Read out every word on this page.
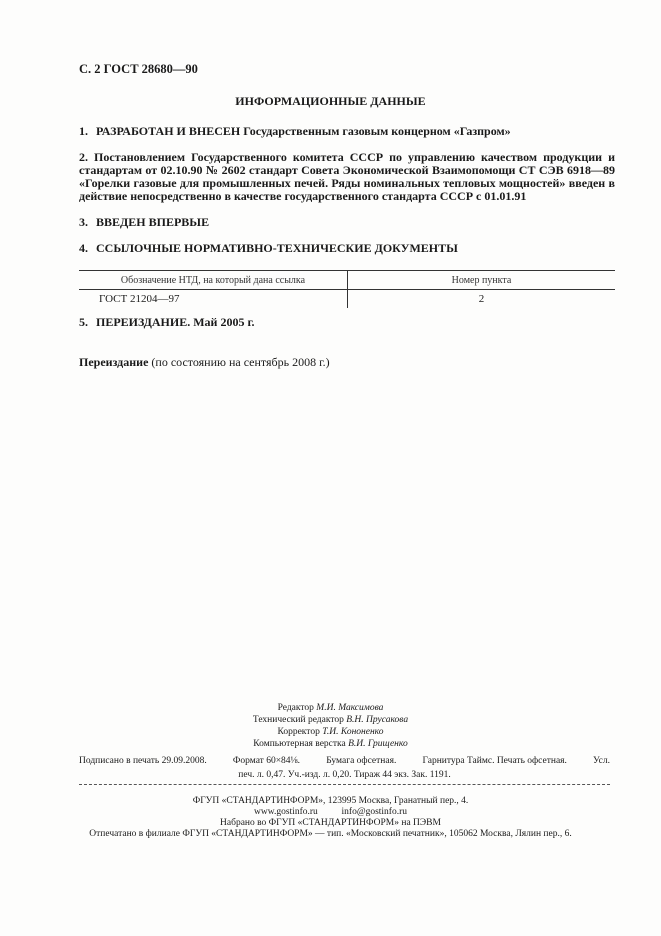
С. 2 ГОСТ 28680—90
ИНФОРМАЦИОННЫЕ ДАННЫЕ
1. РАЗРАБОТАН И ВНЕСЕН Государственным газовым концерном «Газпром»
2. Постановлением Государственного комитета СССР по управлению качеством продукции и стандартам от 02.10.90 № 2602 стандарт Совета Экономической Взаимопомощи СТ СЭВ 6918—89 «Горелки газовые для промышленных печей. Ряды номинальных тепловых мощностей» введен в действие непосредственно в качестве государственного стандарта СССР с 01.01.91
3. ВВЕДЕН ВПЕРВЫЕ
4. ССЫЛОЧНЫЕ НОРМАТИВНО-ТЕХНИЧЕСКИЕ ДОКУМЕНТЫ
Обозначение НТД, на который дана ссылка	Номер пункта
ГОСТ 21204—97	2
5. ПЕРЕИЗДАНИЕ. Май 2005 г.
Переиздание (по состоянию на сентябрь 2008 г.)
Редактор М.И. Максимова
Технический редактор В.Н. Прусакова
Корректор Т.И. Кононенко
Компьютерная верстка В.И. Грищенко
Подписано в печать 29.09.2008.	Формат 60×84⅛.	Бумага офсетная.	Гарнитура Таймс. Печать офсетная.	Усл.
печ. л. 0,47. Уч.-изд. л. 0,20. Тираж 44 экз. Зак. 1191.
ФГУП «СТАНДАРТИНФОРМ», 123995 Москва, Гранатный пер., 4.
www.gostinfo.ru          info@gostinfo.ru
Набрано во ФГУП «СТАНДАРТИНФОРМ» на ПЭВМ
Отпечатано в филиале ФГУП «СТАНДАРТИНФОРМ» — тип. «Московский печатник», 105062 Москва, Лялин пер., 6.
